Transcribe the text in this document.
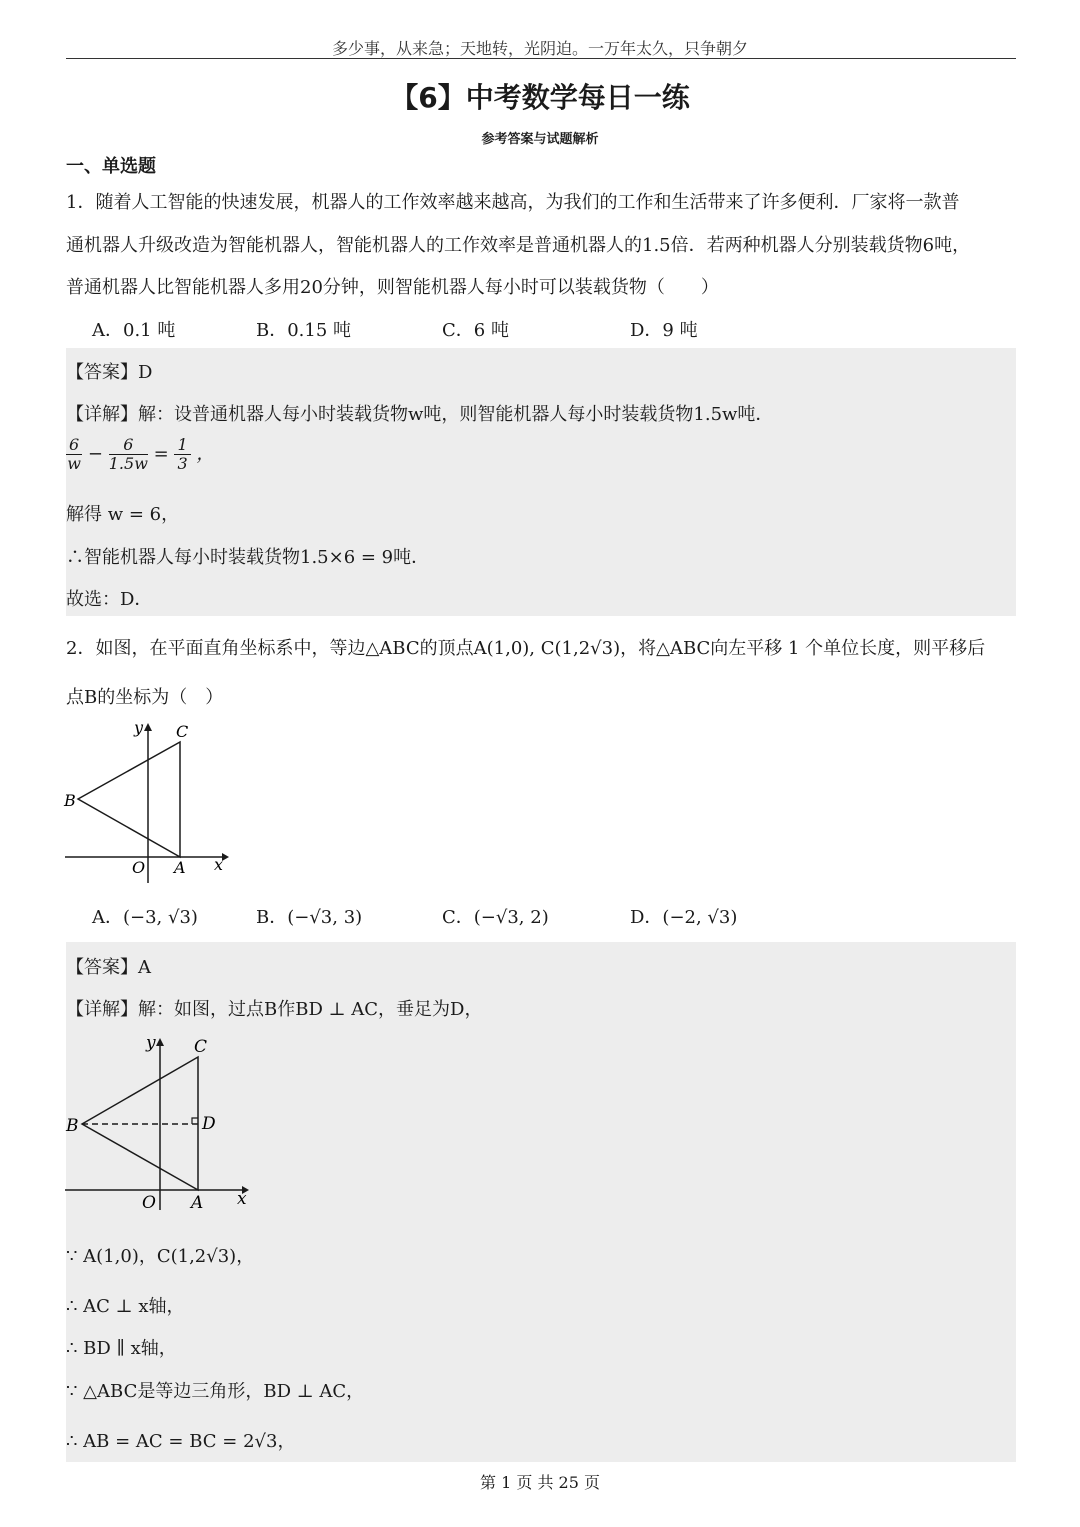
多少事，从来急；天地转，光阴迫。一万年太久，只争朝夕
【6】中考数学每日一练
参考答案与试题解析
一、单选题
1．随着人工智能的快速发展，机器人的工作效率越来越高，为我们的工作和生活带来了许多便利．厂家将一款普
通机器人升级改造为智能机器人，智能机器人的工作效率是普通机器人的1.5倍．若两种机器人分别装载货物6吨，
普通机器人比智能机器人多用20分钟，则智能机器人每小时可以装载货物（　　）
A．0.1 吨	B．0.15 吨	C．6 吨	D．9 吨
【答案】D
【详解】解：设普通机器人每小时装载货物w吨，则智能机器人每小时装载货物1.5w吨．
$\frac{6}{w} - \frac{6}{1.5w} = \frac{1}{3}$ ，
解得 w = 6，
∴智能机器人每小时装载货物1.5×6 = 9吨．
故选：D．
2．如图，在平面直角坐标系中，等边△ABC的顶点A(1,0), C(1,2√3)，将△ABC向左平移 1 个单位长度，则平移后
点B的坐标为（　）
y C
B
O A x
A．(−3, √3)	B．(−√3, 3)	C．(−√3, 2)	D．(−2, √3)
【答案】A
【详解】解：如图，过点B作BD ⊥ AC，垂足为D，
y C
B	D
O A x
∵ A(1,0)，C(1,2√3)，
∴ AC ⊥ x轴，
∴ BD ∥ x轴，
∵ △ABC是等边三角形，BD ⊥ AC，
∴ AB = AC = BC = 2√3，
第 1 页 共 25 页
